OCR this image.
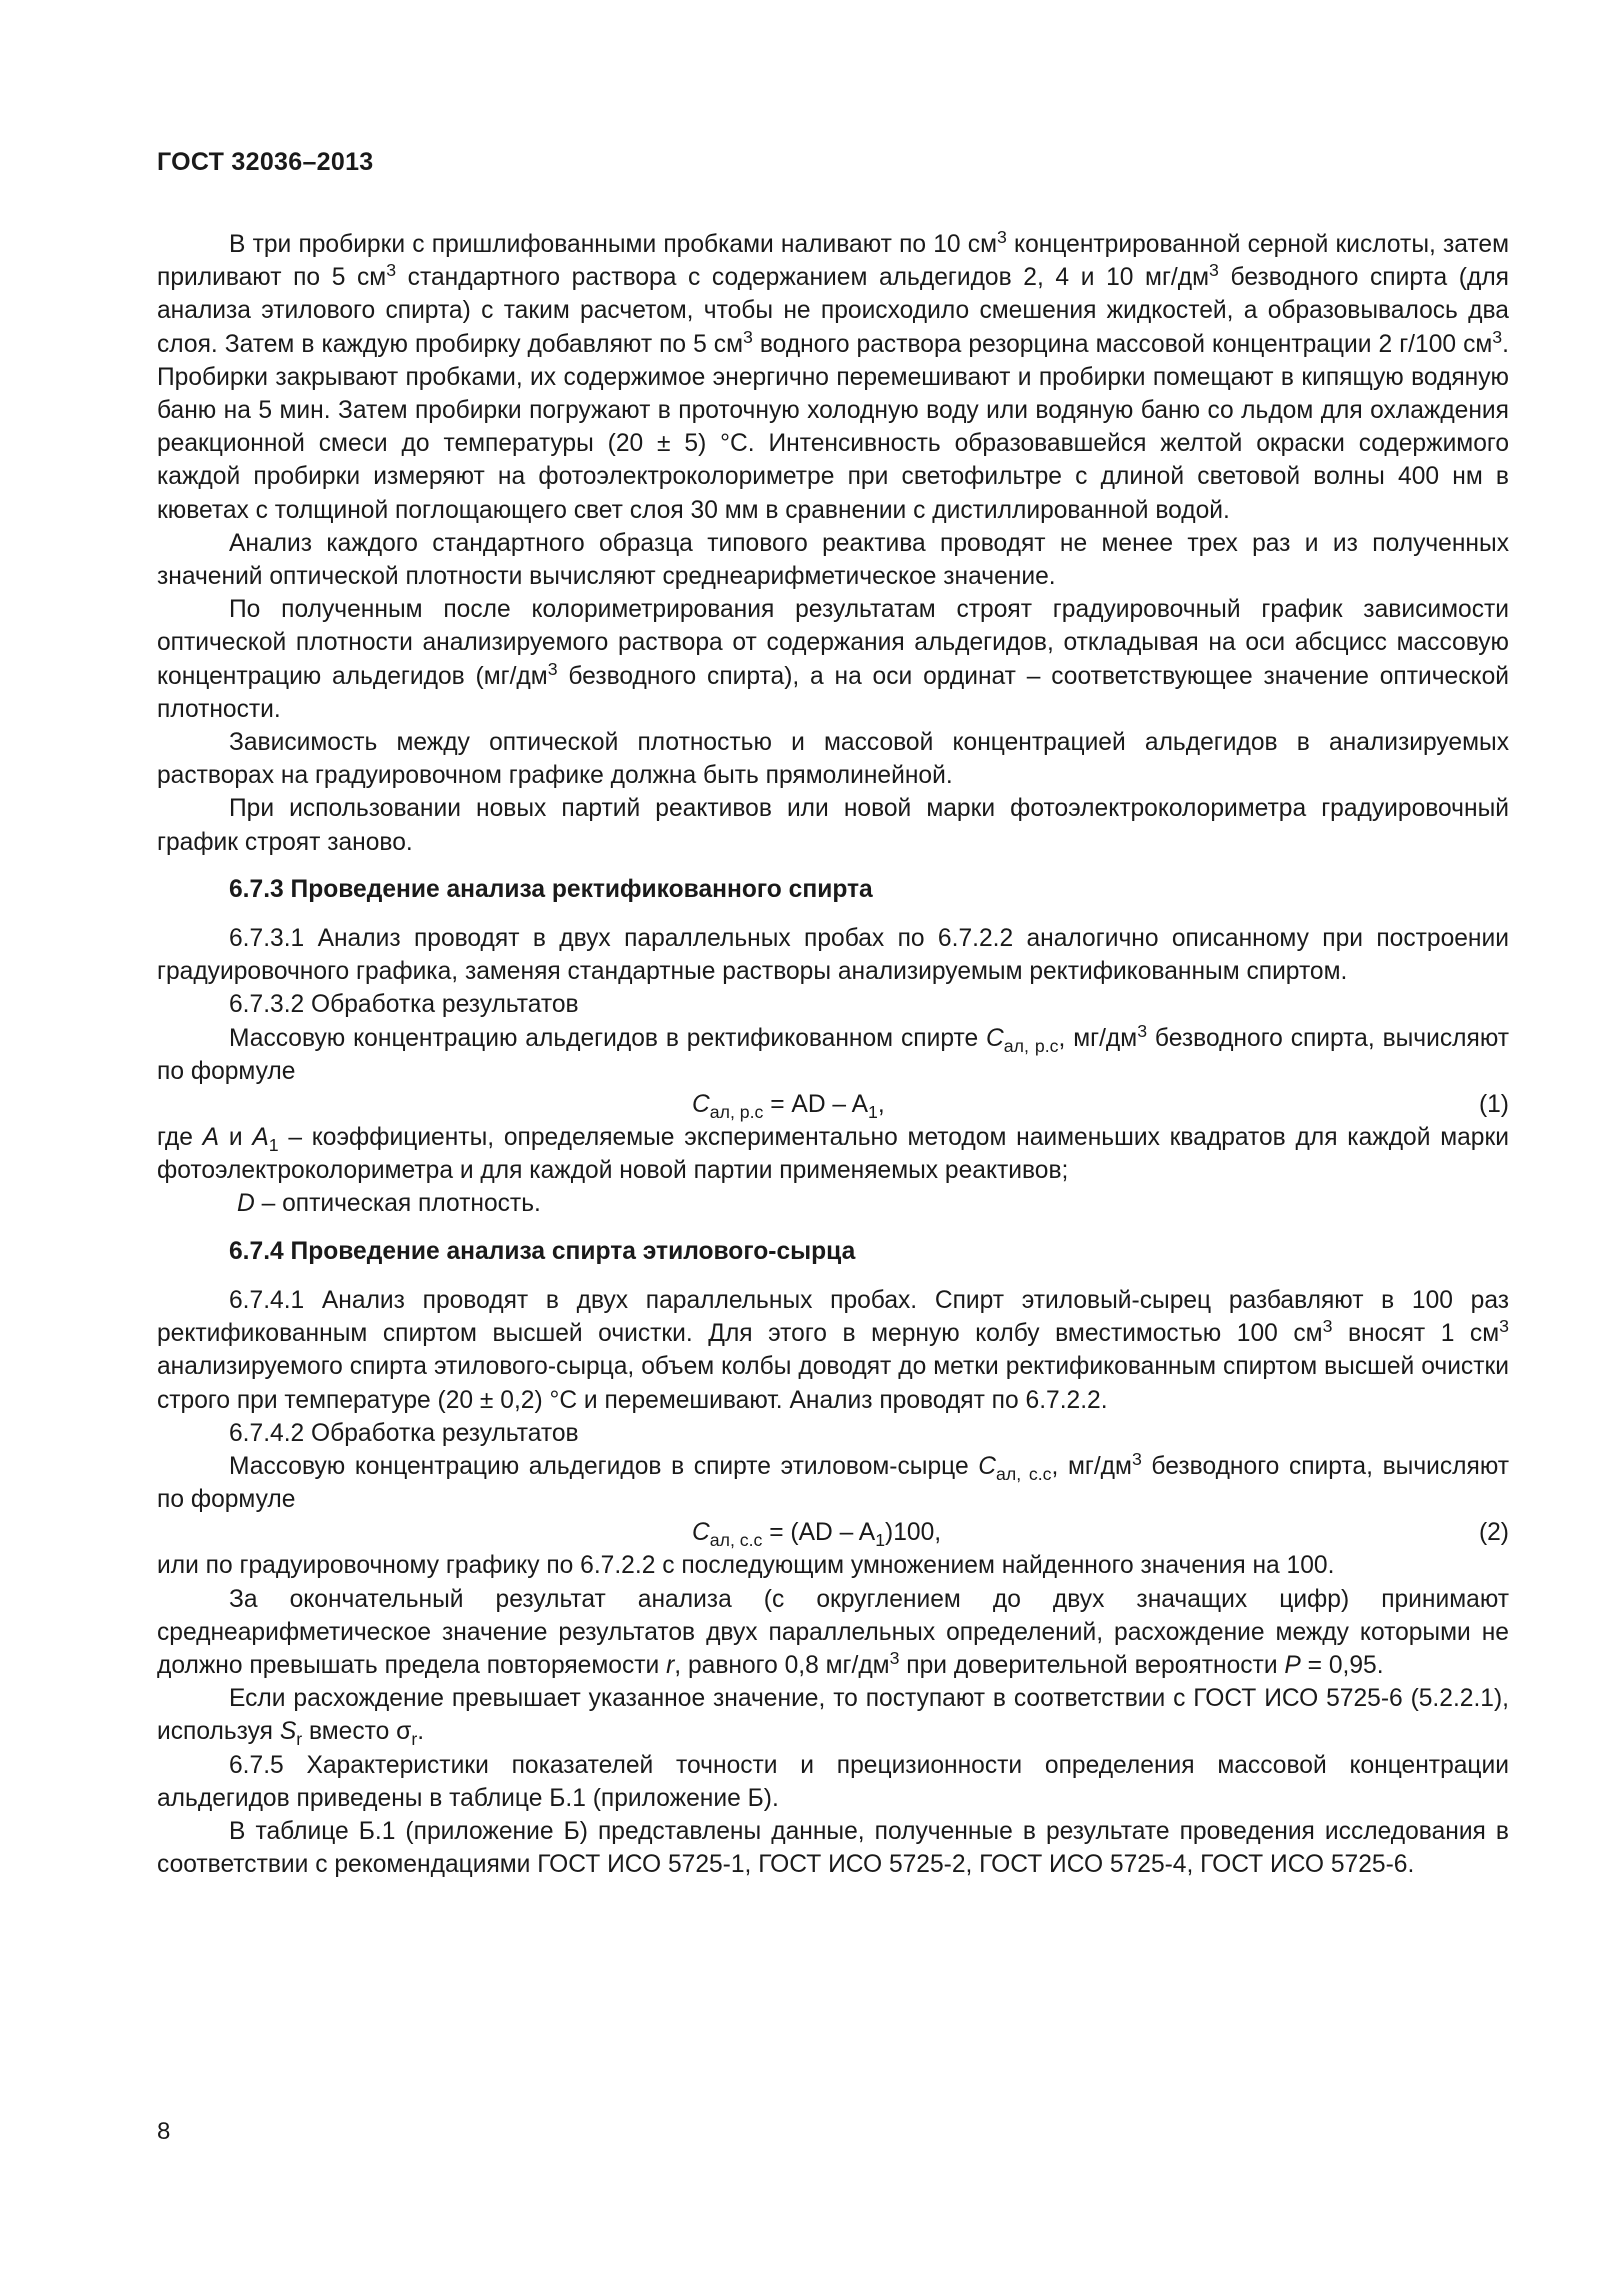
ГОСТ 32036–2013

В три пробирки с пришлифованными пробками наливают по 10 $см^3$ концентрированной серной кислоты, затем приливают по 5 $см^3$ стандартного раствора с содержанием альдегидов 2, 4 и 10 $мг/дм^3$ безводного спирта (для анализа этилового спирта) с таким расчетом, чтобы не происходило смешения жидкостей, а образовывалось два слоя. Затем в каждую пробирку добавляют по 5 $см^3$ водного раствора резорцина массовой концентрации 2 г/100 $см^3$. Пробирки закрывают пробками, их содержимое энергично перемешивают и пробирки помещают в кипящую водяную баню на 5 мин. Затем пробирки погружают в проточную холодную воду или водяную баню со льдом для охлаждения реакционной смеси до температуры (20 ± 5) °С. Интенсивность образовавшейся желтой окраски содержимого каждой пробирки измеряют на фотоэлектроколориметре при светофильтре с длиной световой волны 400 нм в кюветах с толщиной поглощающего свет слоя 30 мм в сравнении с дистиллированной водой.

Анализ каждого стандартного образца типового реактива проводят не менее трех раз и из полученных значений оптической плотности вычисляют среднеарифметическое значение.

По полученным после колориметрирования результатам строят градуировочный график зависимости оптической плотности анализируемого раствора от содержания альдегидов, откладывая на оси абсцисс массовую концентрацию альдегидов ($мг/дм^3$ безводного спирта), а на оси ординат – соответствующее значение оптической плотности.

Зависимость между оптической плотностью и массовой концентрацией альдегидов в анализируемых растворах на градуировочном графике должна быть прямолинейной.

При использовании новых партий реактивов или новой марки фотоэлектроколориметра градуировочный график строят заново.

6.7.3 Проведение анализа ректификованного спирта

6.7.3.1 Анализ проводят в двух параллельных пробах по 6.7.2.2 аналогично описанному при построении градуировочного графика, заменяя стандартные растворы анализируемым ректификованным спиртом.

6.7.3.2 Обработка результатов

Массовую концентрацию альдегидов в ректификованном спирте $C_{ал, р.с}$, $мг/дм^3$ безводного спирта, вычисляют по формуле

$C_{ал, р.с}$ = AD – $A_1$,	(1)

где A и $A_1$ – коэффициенты, определяемые экспериментально методом наименьших квадратов для каждой марки фотоэлектроколориметра и для каждой новой партии применяемых реактивов;

D – оптическая плотность.

6.7.4 Проведение анализа спирта этилового-сырца

6.7.4.1 Анализ проводят в двух параллельных пробах. Спирт этиловый-сырец разбавляют в 100 раз ректификованным спиртом высшей очистки. Для этого в мерную колбу вместимостью 100 $см^3$ вносят 1 $см^3$ анализируемого спирта этилового-сырца, объем колбы доводят до метки ректификованным спиртом высшей очистки строго при температуре (20 ± 0,2) °С и перемешивают. Анализ проводят по 6.7.2.2.

6.7.4.2 Обработка результатов

Массовую концентрацию альдегидов в спирте этиловом-сырце $C_{ал, с.с}$, $мг/дм^3$ безводного спирта, вычисляют по формуле

$C_{ал, с.с} = (AD - A_1)100$,	(2)

или по градуировочному графику по 6.7.2.2 с последующим умножением найденного значения на 100.

За окончательный результат анализа (с округлением до двух значащих цифр) принимают среднеарифметическое значение результатов двух параллельных определений, расхождение между которыми не должно превышать предела повторяемости r, равного 0,8 $мг/дм^3$ при доверительной вероятности P = 0,95.

Если расхождение превышает указанное значение, то поступают в соответствии с ГОСТ ИСО 5725-6 (5.2.2.1), используя $S_r$ вместо $\sigma_r$.

6.7.5 Характеристики показателей точности и прецизионности определения массовой концентрации альдегидов приведены в таблице Б.1 (приложение Б).

В таблице Б.1 (приложение Б) представлены данные, полученные в результате проведения исследования в соответствии с рекомендациями ГОСТ ИСО 5725-1, ГОСТ ИСО 5725-2, ГОСТ ИСО 5725-4, ГОСТ ИСО 5725-6.

8
